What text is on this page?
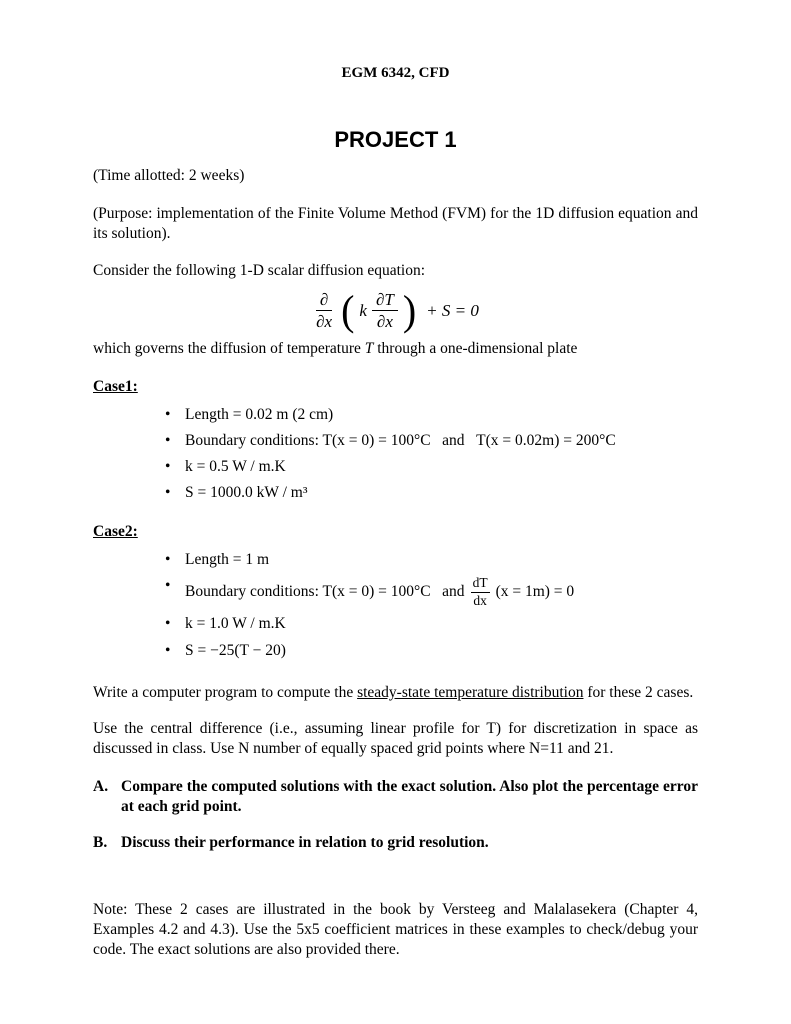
EGM 6342, CFD
PROJECT 1

(Time allotted: 2 weeks)

(Purpose: implementation of the Finite Volume Method (FVM) for the 1D diffusion equation and its solution).

Consider the following 1-D scalar diffusion equation:

$\frac{\partial}{\partial x}$ ( k $\frac{\partial T}{\partial x}$ ) + S = 0

which governs the diffusion of temperature T through a one-dimensional plate

Case1:
• Length = 0.02 m (2 cm)
• Boundary conditions: T(x = 0) = 100°C   and   T(x = 0.02m) = 200°C
• k = 0.5 W / m.K
• S = 1000.0 kW / m³
Case2:
• Length = 1 m
• Boundary conditions: T(x = 0) = 100°C   and $\frac{dT}{dx} (x = 1m) = 0$
• k = 1.0 W / m.K
• S = −25(T − 20)

Write a computer program to compute the steady-state temperature distribution for these 2 cases.

Use the central difference (i.e., assuming linear profile for T) for discretization in space as discussed in class. Use N number of equally spaced grid points where N=11 and 21.

A. Compare the computed solutions with the exact solution. Also plot the percentage error at each grid point.
B. Discuss their performance in relation to grid resolution.

Note: These 2 cases are illustrated in the book by Versteeg and Malalasekera (Chapter 4, Examples 4.2 and 4.3). Use the 5x5 coefficient matrices in these examples to check/debug your code. The exact solutions are also provided there.
